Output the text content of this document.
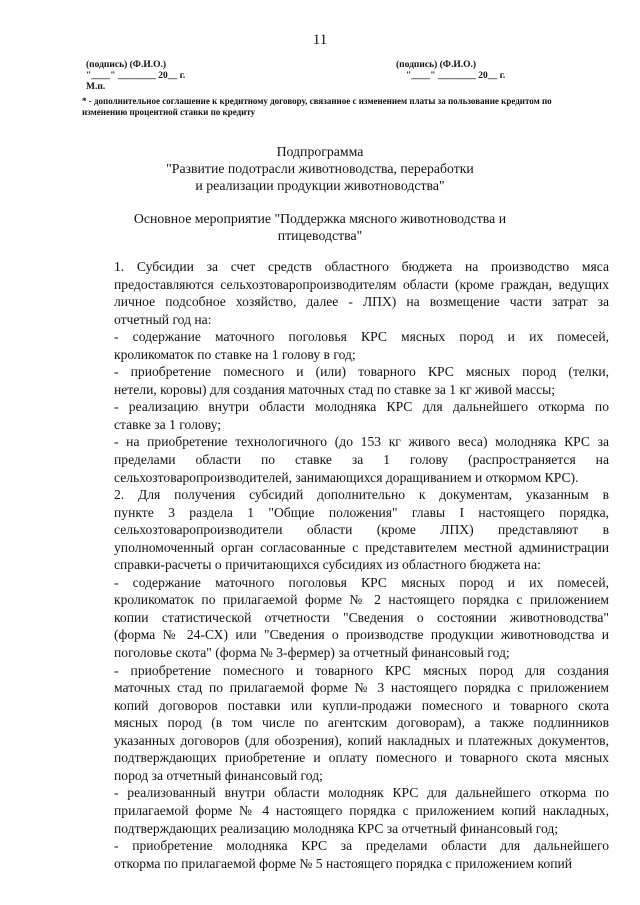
11
(подпись) (Ф.И.О.)
"____" ________ 20__ г.
М.п.
(подпись) (Ф.И.О.)
"____" ________ 20__ г.
* - дополнительное соглашение к кредитному договору, связанное с изменением платы за пользование кредитом по изменению процентной ставки по кредиту
Подпрограмма
"Развитие подотрасли животноводства, переработки
и реализации продукции животноводства"
Основное мероприятие "Поддержка мясного животноводства и
птицеводства"

1. Субсидии за счет средств областного бюджета на производство мяса
предоставляются сельхозтоваропроизводителям области (кроме граждан, ведущих
личное подсобное хозяйство, далее - ЛПХ) на возмещение части затрат за
отчетный год на:

- содержание маточного поголовья КРС мясных пород и их помесей,
кроликоматок по ставке на 1 голову в год;

- приобретение помесного и (или) товарного КРС мясных пород (телки,
нетели, коровы) для создания маточных стад по ставке за 1 кг живой массы;

- реализацию внутри области молодняка КРС для дальнейшего откорма по
ставке за 1 голову;

- на приобретение технологичного (до 153 кг живого веса) молодняка КРС за
пределами области по ставке за 1 голову (распространяется на
сельхозтоваропроизводителей, занимающихся доращиванием и откормом КРС).

2. Для получения субсидий дополнительно к документам, указанным в
пункте 3 раздела 1 "Общие положения" главы I настоящего порядка,
сельхозтоваропроизводители области (кроме ЛПХ) представляют в
уполномоченный орган согласованные с представителем местной администрации
справки-расчеты о причитающихся субсидиях из областного бюджета на:

- содержание маточного поголовья КРС мясных пород и их помесей,
кроликоматок по прилагаемой форме № 2 настоящего порядка с приложением
копии статистической отчетности "Сведения о состоянии животноводства"
(форма № 24-СХ) или "Сведения о производстве продукции животноводства и
поголовье скота" (форма № 3-фермер) за отчетный финансовый год;

- приобретение помесного и товарного КРС мясных пород для создания
маточных стад по прилагаемой форме № 3 настоящего порядка с приложением
копий договоров поставки или купли-продажи помесного и товарного скота
мясных пород (в том числе по агентским договорам), а также подлинников
указанных договоров (для обозрения), копий накладных и платежных документов,
подтверждающих приобретение и оплату помесного и товарного скота мясных
пород за отчетный финансовый год;

- реализованный внутри области молодняк КРС для дальнейшего откорма по
прилагаемой форме № 4 настоящего порядка с приложением копий накладных,
подтверждающих реализацию молодняка КРС за отчетный финансовый год;

- приобретение молодняка КРС за пределами области для дальнейшего
откорма по прилагаемой форме № 5 настоящего порядка с приложением копий
